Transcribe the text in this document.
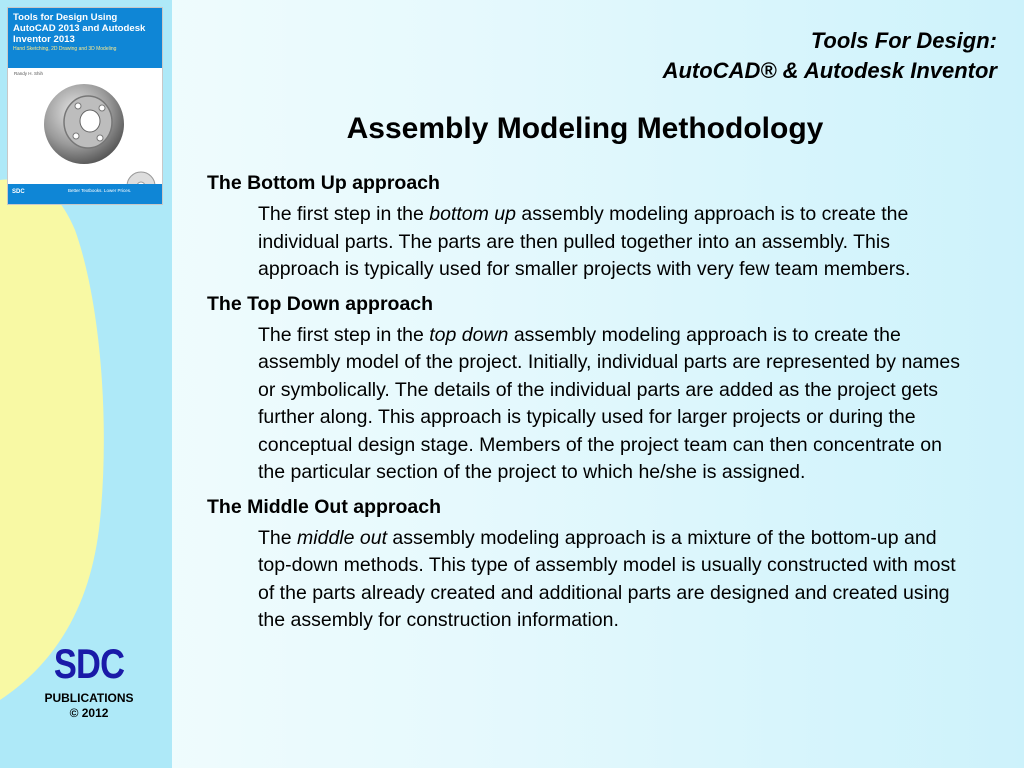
Tools for Design Using AutoCAD 2013 and Autodesk Inventor 2013
Hand Sketching, 2D Drawing and 3D Modeling
Randy H. Shih
SDC	Better Textbooks. Lower Prices.
SDC
PUBLICATIONS
© 2012
Tools For Design:
AutoCAD® & Autodesk Inventor
Assembly Modeling Methodology

The Bottom Up approach

The first step in the bottom up assembly modeling approach is to create the individual parts. The parts are then pulled together into an assembly. This approach is typically used for smaller projects with very few team members.

The Top Down approach

The first step in the top down assembly modeling approach is to create the assembly model of the project. Initially, individual parts are represented by names or symbolically. The details of the individual parts are added as the project gets further along. This approach is typically used for larger projects or during the conceptual design stage. Members of the project team can then concentrate on the particular section of the project to which he/she is assigned.

The Middle Out approach

The middle out assembly modeling approach is a mixture of the bottom-up and top-down methods. This type of assembly model is usually constructed with most of the parts already created and additional parts are designed and created using the assembly for construction information.
